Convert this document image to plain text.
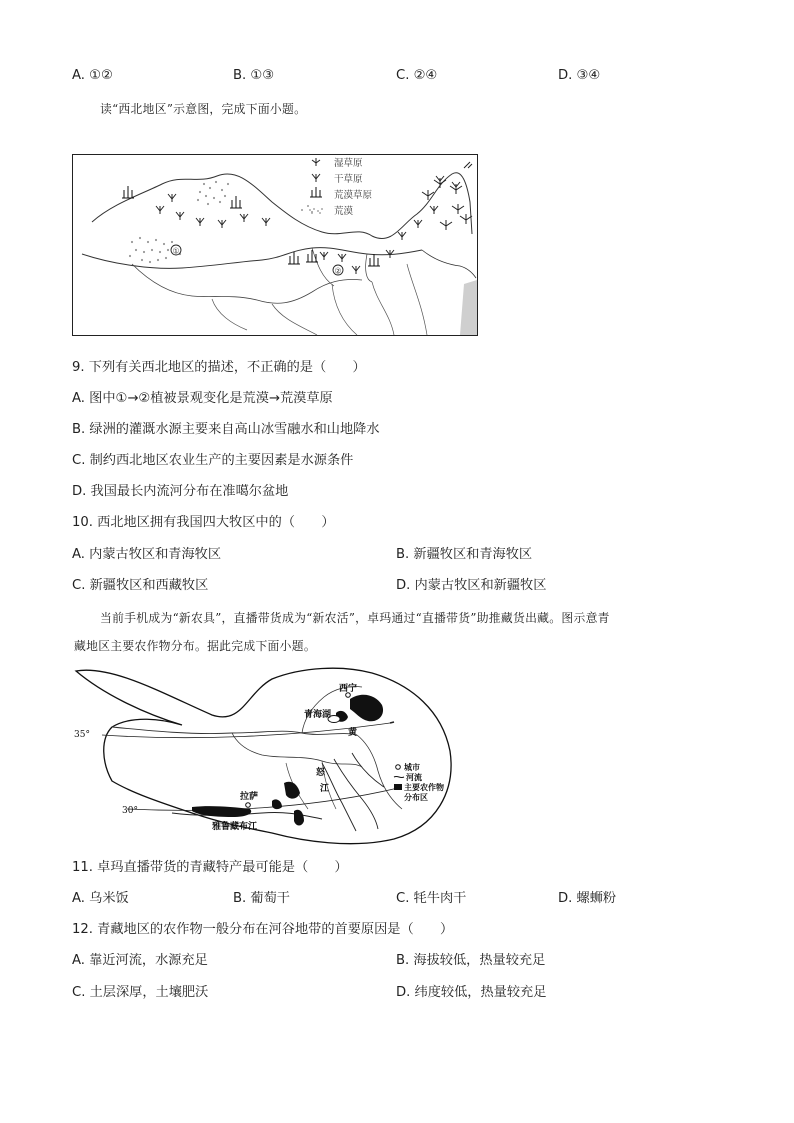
A. ①②	B. ①③	C. ②④	D. ③④
读“西北地区”示意图，完成下面小题。
①
②
湿草原
干草原
荒漠草原
荒漠
9. 下列有关西北地区的描述，不正确的是（　　）
A. 图中①→②植被景观变化是荒漠→荒漠草原
B. 绿洲的灌溉水源主要来自高山冰雪融水和山地降水
C. 制约西北地区农业生产的主要因素是水源条件
D. 我国最长内流河分布在准噶尔盆地
10. 西北地区拥有我国四大牧区中的（　　）
A. 内蒙古牧区和青海牧区	B. 新疆牧区和青海牧区
C. 新疆牧区和西藏牧区	D. 内蒙古牧区和新疆牧区
当前手机成为“新农具”，直播带货成为“新农活”，卓玛通过“直播带货”助推藏货出藏。图示意青
藏地区主要农作物分布。据此完成下面小题。
西宁
青海湖
拉萨
雅鲁藏布江
黄
怒
江
35°
30°
城市
河流
主要农作物
分布区
11. 卓玛直播带货的青藏特产最可能是（　　）
A. 乌米饭	B. 葡萄干	C. 牦牛肉干	D. 螺蛳粉
12. 青藏地区的农作物一般分布在河谷地带的首要原因是（　　）
A. 靠近河流，水源充足	B. 海拔较低，热量较充足
C. 土层深厚，土壤肥沃	D. 纬度较低，热量较充足
